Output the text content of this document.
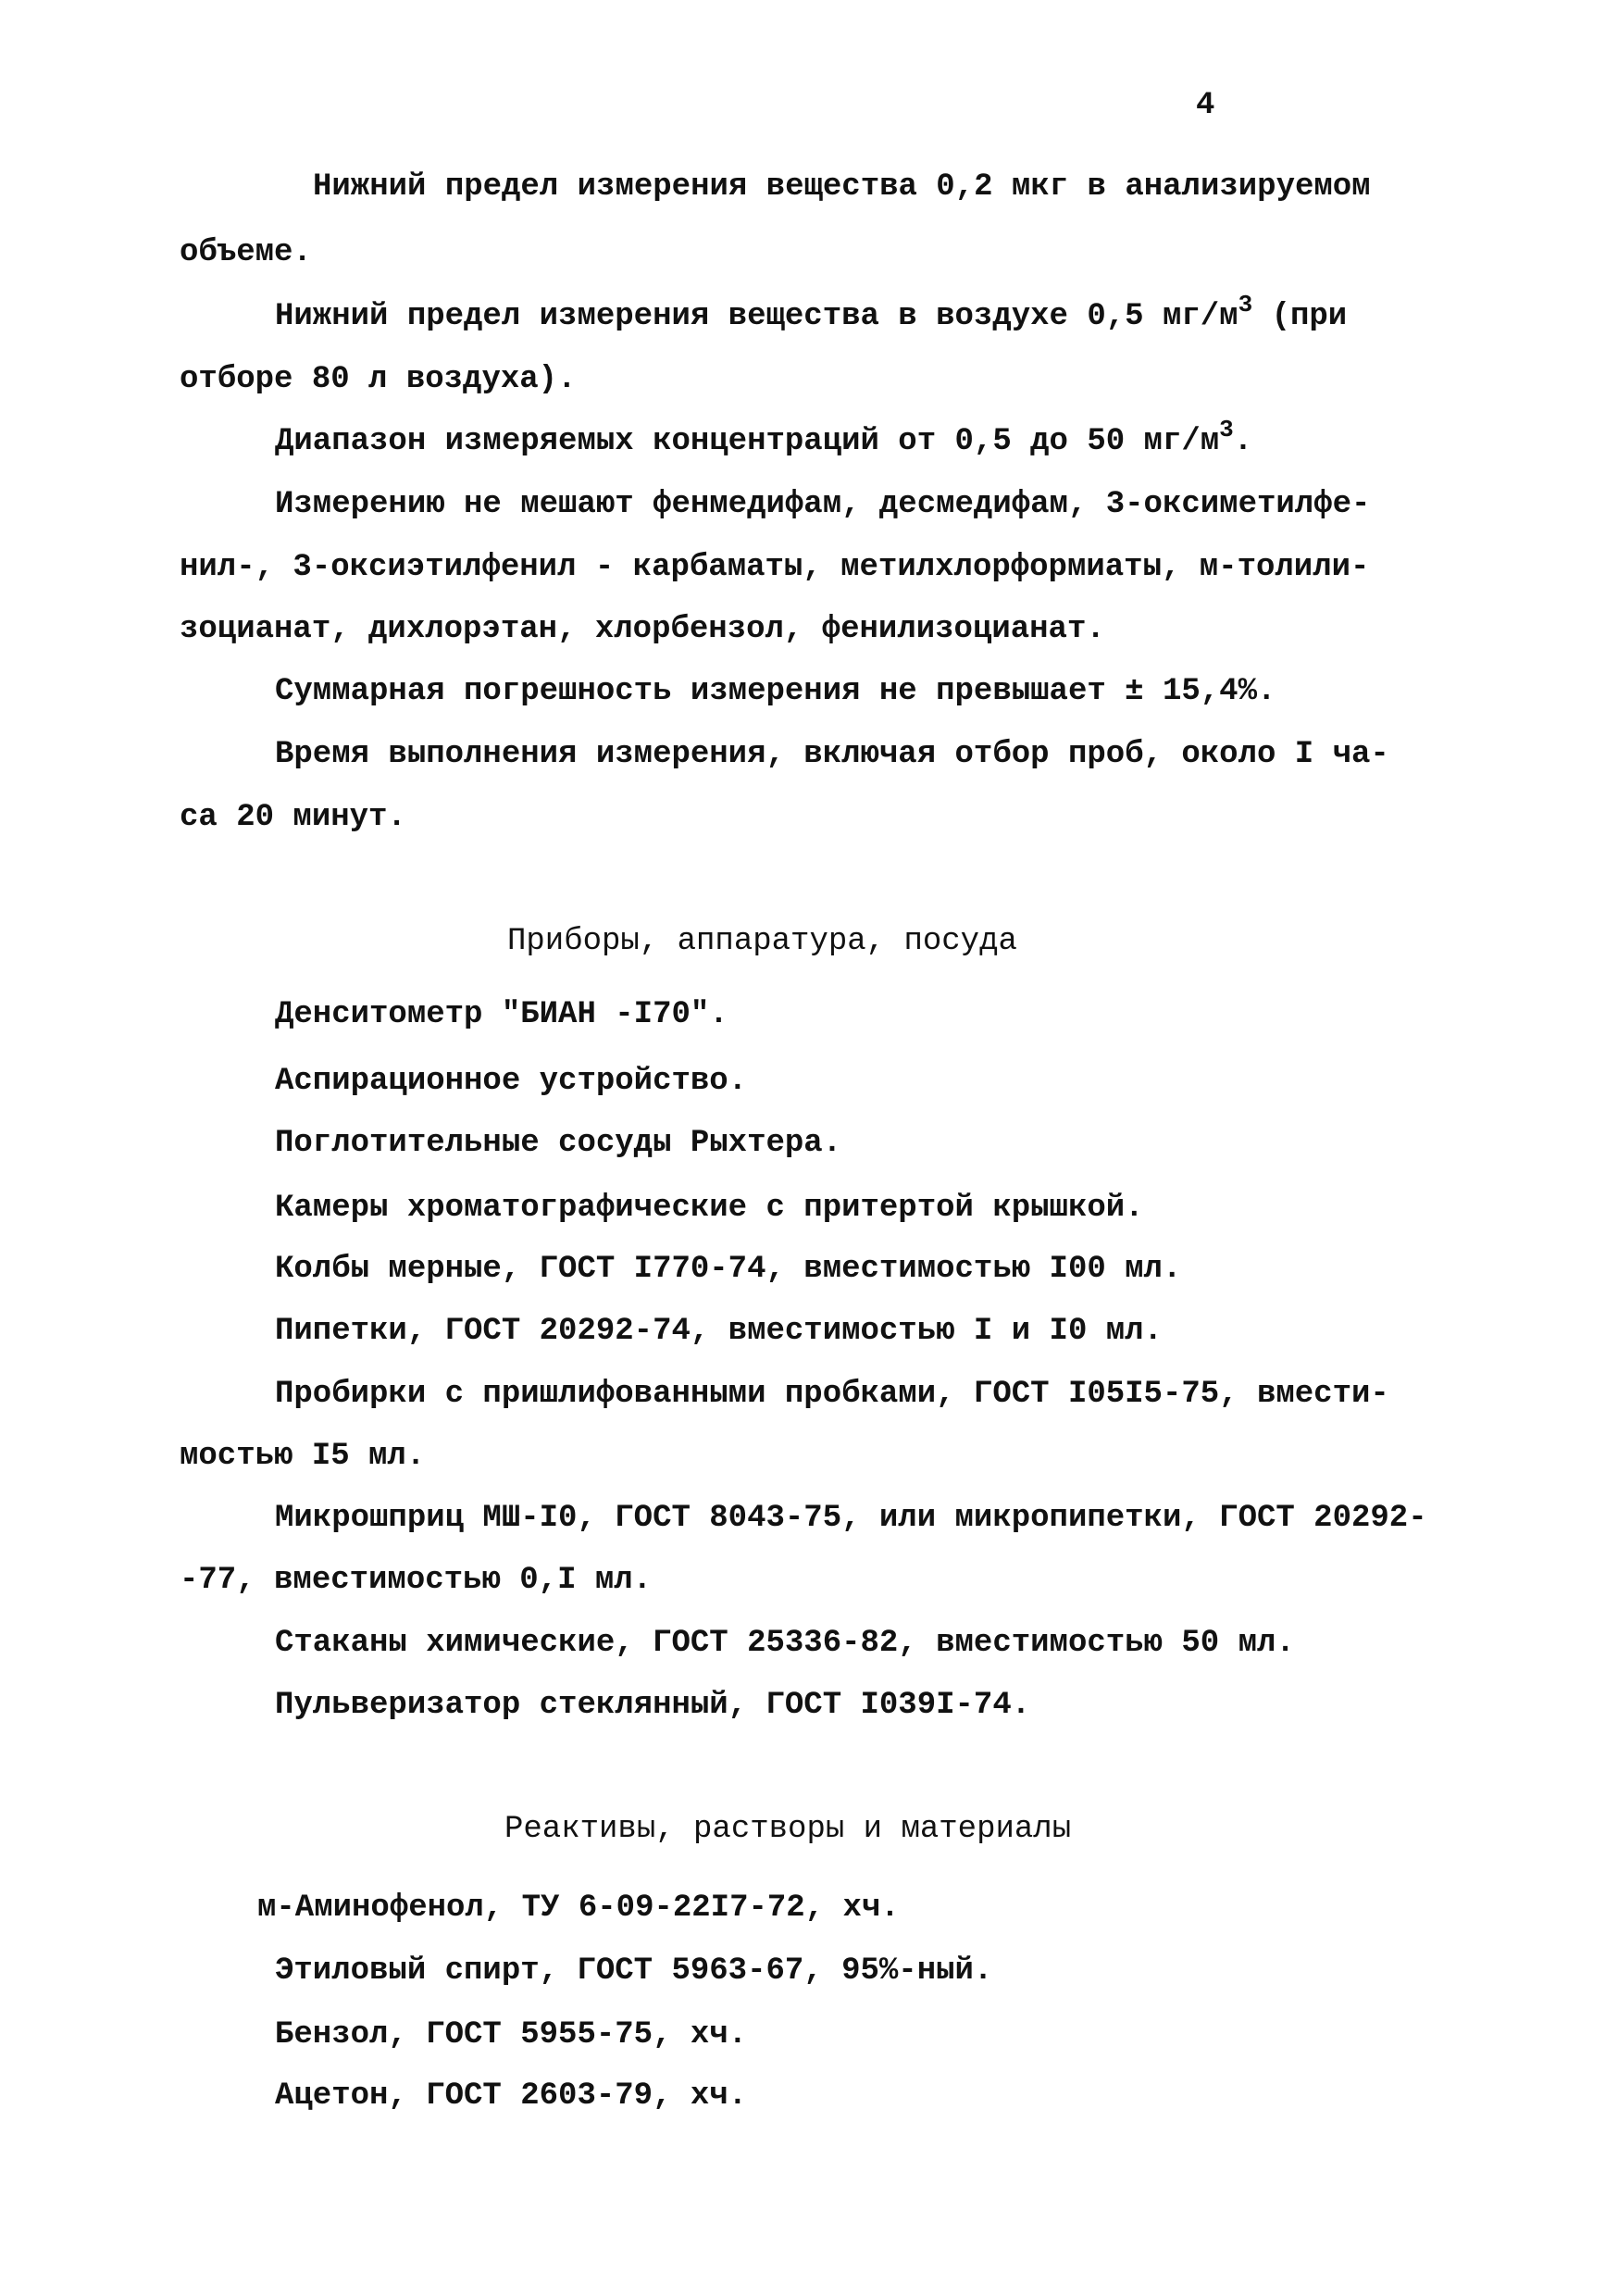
4
Нижний предел измерения вещества 0,2 мкг в анализируемом
объеме.
Нижний предел измерения вещества в воздухе 0,5 $мг/м^3$ (при
отборе 80 л воздуха).
Диапазон измеряемых концентраций от 0,5 до 50 $мг/м^3$.
Измерению не мешают фенмедифам, десмедифам, 3-оксиметилфе-
нил-, 3-оксиэтилфенил - карбаматы, метилхлорформиаты, м-толили-
зоцианат, дихлорэтан, хлорбензол, фенилизоцианат.
Суммарная погрешность измерения не превышает ± 15,4%.
Время выполнения измерения, включая отбор проб, около I ча-
са 20 минут.
Приборы, аппаратура, посуда
Денситометр "БИАН -I70".
Аспирационное устройство.
Поглотительные сосуды Рыхтера.
Камеры хроматографические с притертой крышкой.
Колбы мерные, ГОСТ I770-74, вместимостью I00 мл.
Пипетки, ГОСТ 20292-74, вместимостью I и I0 мл.
Пробирки с пришлифованными пробками, ГОСТ I05I5-75, вмести-
мостью I5 мл.
Микрошприц МШ-I0, ГОСТ 8043-75, или микропипетки, ГОСТ 20292-
-77, вместимостью 0,I мл.
Стаканы химические, ГОСТ 25336-82, вместимостью 50 мл.
Пульверизатор стеклянный, ГОСТ I039I-74.
Реактивы, растворы и материалы
м-Аминофенол, ТУ 6-09-22I7-72, хч.
Этиловый спирт, ГОСТ 5963-67, 95%-ный.
Бензол, ГОСТ 5955-75, хч.
Ацетон, ГОСТ 2603-79, хч.
